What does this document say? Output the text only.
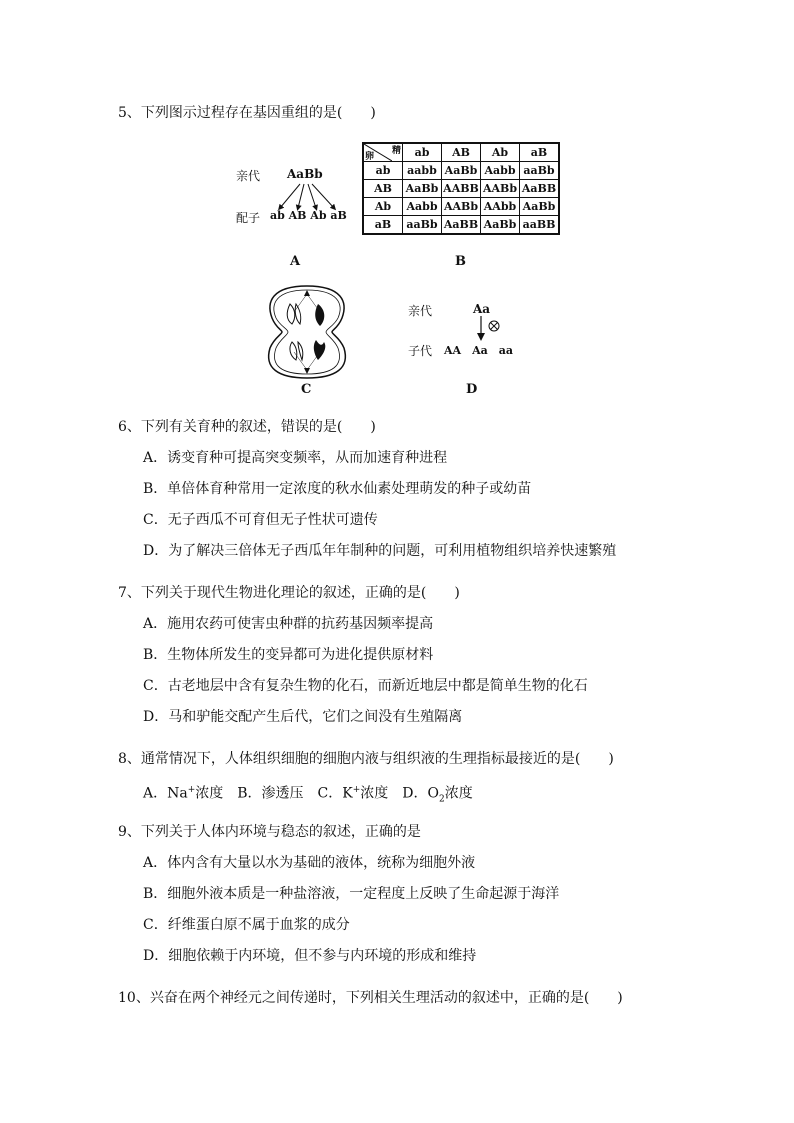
5、下列图示过程存在基因重组的是(　　)
亲代 AaBb
配子 ab AB Ab aB
A
精
卵	ab	AB	Ab	aB
ab	aabb	AaBb	Aabb	aaBb
AB	AaBb	AABB	AABb	AaBB
Ab	Aabb	AABb	AAbb	AaBb
aB	aaBb	AaBB	AaBb	aaBB
B
C
亲代	Aa
子代 AA　Aa　aa
D
6、下列有关育种的叙述，错误的是(　　)
A．诱变育种可提高突变频率，从而加速育种进程
B．单倍体育种常用一定浓度的秋水仙素处理萌发的种子或幼苗
C．无子西瓜不可育但无子性状可遗传
D．为了解决三倍体无子西瓜年年制种的问题，可利用植物组织培养快速繁殖
7、下列关于现代生物进化理论的叙述，正确的是(　　)
A．施用农药可使害虫种群的抗药基因频率提高
B．生物体所发生的变异都可为进化提供原材料
C．古老地层中含有复杂生物的化石，而新近地层中都是简单生物的化石
D．马和驴能交配产生后代，它们之间没有生殖隔离
8、通常情况下，人体组织细胞的细胞内液与组织液的生理指标最接近的是(　　)
A．Na+浓度　B．渗透压　C．K+浓度　D．$O_2$浓度
9、下列关于人体内环境与稳态的叙述，正确的是
A．体内含有大量以水为基础的液体，统称为细胞外液
B．细胞外液本质是一种盐溶液，一定程度上反映了生命起源于海洋
C．纤维蛋白原不属于血浆的成分
D．细胞依赖于内环境，但不参与内环境的形成和维持
10、兴奋在两个神经元之间传递时，下列相关生理活动的叙述中，正确的是(　　)
